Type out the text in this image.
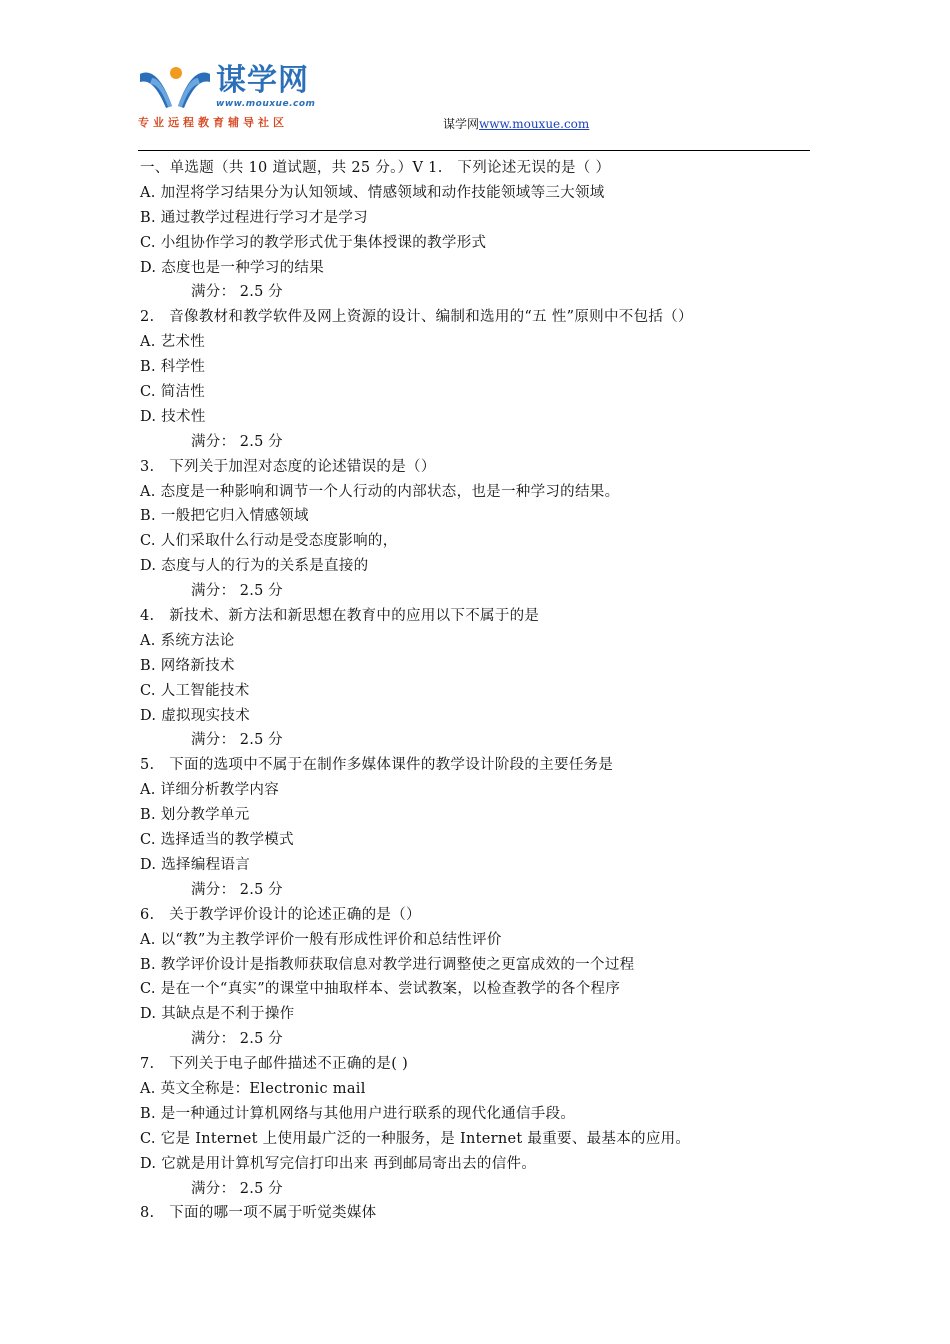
谋学网
www.mouxue.com
专业远程教育辅导社区	谋学网www.mouxue.com
一、单选题（共 10 道试题，共 25 分。）V 1.　下列论述无误的是（ ）
A. 加涅将学习结果分为认知领域、情感领域和动作技能领域等三大领域
B. 通过教学过程进行学习才是学习
C. 小组协作学习的教学形式优于集体授课的教学形式
D. 态度也是一种学习的结果
满分： 2.5 分
2.　音像教材和教学软件及网上资源的设计、编制和选用的“五 性”原则中不包括（）
A. 艺术性
B. 科学性
C. 简洁性
D. 技术性
满分： 2.5 分
3.　下列关于加涅对态度的论述错误的是（）
A. 态度是一种影响和调节一个人行动的内部状态，也是一种学习的结果。
B. 一般把它归入情感领域
C. 人们采取什么行动是受态度影响的，
D. 态度与人的行为的关系是直接的
满分： 2.5 分
4.　新技术、新方法和新思想在教育中的应用以下不属于的是
A. 系统方法论
B. 网络新技术
C. 人工智能技术
D. 虚拟现实技术
满分： 2.5 分
5.　下面的选项中不属于在制作多媒体课件的教学设计阶段的主要任务是
A. 详细分析教学内容
B. 划分教学单元
C. 选择适当的教学模式
D. 选择编程语言
满分： 2.5 分
6.　关于教学评价设计的论述正确的是（）
A. 以“教”为主教学评价一般有形成性评价和总结性评价
B. 教学评价设计是指教师获取信息对教学进行调整使之更富成效的一个过程
C. 是在一个“真实”的课堂中抽取样本、尝试教案，以检查教学的各个程序
D. 其缺点是不利于操作
满分： 2.5 分
7.　下列关于电子邮件描述不正确的是( )
A. 英文全称是：Electronic mail
B. 是一种通过计算机网络与其他用户进行联系的现代化通信手段。
C. 它是 Internet 上使用最广泛的一种服务，是 Internet 最重要、最基本的应用。
D. 它就是用计算机写完信打印出来 再到邮局寄出去的信件。
满分： 2.5 分
8.　下面的哪一项不属于听觉类媒体
